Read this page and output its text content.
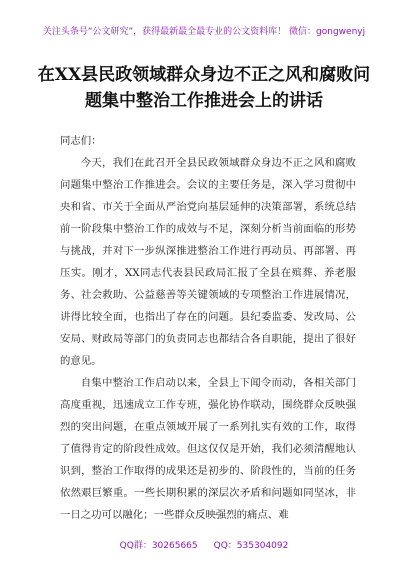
关注头条号“公文研究”，获得最新最全最专业的公文资料库！ 微信：gongwenyj
在XX县民政领域群众身边不正之风和腐败问题集中整治工作推进会上的讲话

同志们：

今天，我们在此召开全县民政领域群众身边不正之风和腐败问题集中整治工作推进会。会议的主要任务是，深入学习贯彻中央和省、市关于全面从严治党向基层延伸的决策部署，系统总结前一阶段集中整治工作的成效与不足，深刻分析当前面临的形势与挑战，并对下一步纵深推进整治工作进行再动员、再部署、再压实。刚才，XX同志代表县民政局汇报了全县在殡葬、养老服务、社会救助、公益慈善等关键领域的专项整治工作进展情况，讲得比较全面，也指出了存在的问题。县纪委监委、发改局、公安局、财政局等部门的负责同志也都结合各自职能，提出了很好的意见。

自集中整治工作启动以来，全县上下闻令而动，各相关部门高度重视，迅速成立工作专班，强化协作联动，围绕群众反映强烈的突出问题，在重点领域开展了一系列扎实有效的工作，取得了值得肯定的阶段性成效。但这仅仅是开始，我们必须清醒地认识到，整治工作取得的成果还是初步的、阶段性的，当前的任务依然艰巨繁重。一些长期积累的深层次矛盾和问题如同坚冰，非一日之功可以融化；一些群众反映强烈的痛点、难

QQ群：30265665 QQ：535304092
